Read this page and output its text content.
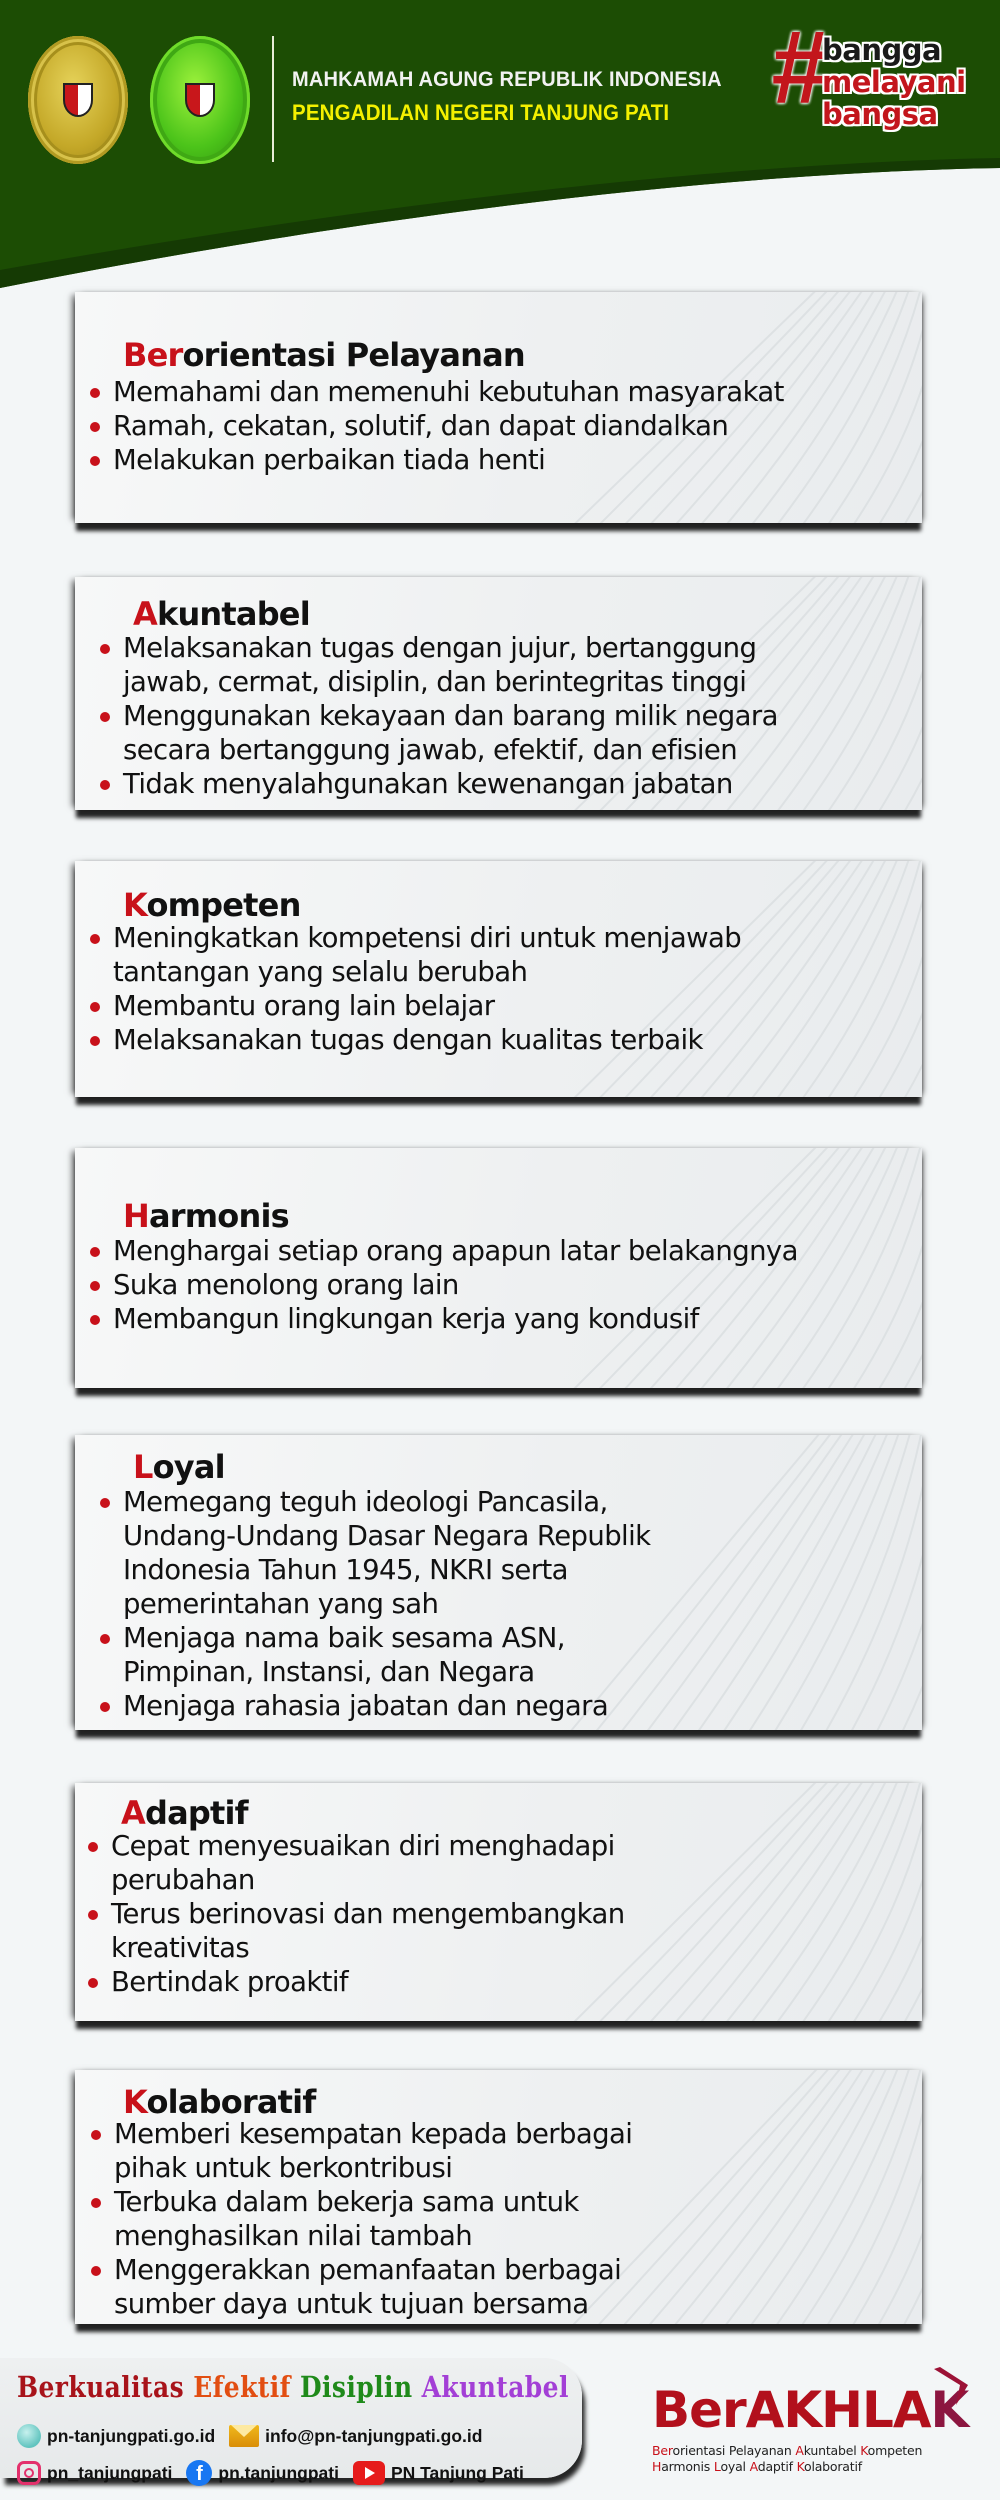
MAHKAMAH AGUNG REPUBLIK INDONESIA
PENGADILAN NEGERI TANJUNG PATI #
bangga
melayani
bangsa
Berorientasi Pelayanan
Memahami dan memenuhi kebutuhan masyarakat
Ramah, cekatan, solutif, dan dapat diandalkan
Melakukan perbaikan tiada henti
Akuntabel
Melaksanakan tugas dengan jujur, bertanggung
jawab, cermat, disiplin, dan berintegritas tinggi
Menggunakan kekayaan dan barang milik negara
secara bertanggung jawab, efektif, dan efisien
Tidak menyalahgunakan kewenangan jabatan
Kompeten
Meningkatkan kompetensi diri untuk menjawab
tantangan yang selalu berubah
Membantu orang lain belajar
Melaksanakan tugas dengan kualitas terbaik
Harmonis
Menghargai setiap orang apapun latar belakangnya
Suka menolong orang lain
Membangun lingkungan kerja yang kondusif
Loyal
Memegang teguh ideologi Pancasila,
Undang-Undang Dasar Negara Republik
Indonesia Tahun 1945, NKRI serta
pemerintahan yang sah
Menjaga nama baik sesama ASN,
Pimpinan, Instansi, dan Negara
Menjaga rahasia jabatan dan negara
Adaptif
Cepat menyesuaikan diri menghadapi
perubahan
Terus berinovasi dan mengembangkan
kreativitas
Bertindak proaktif
Kolaboratif
Memberi kesempatan kepada berbagai
pihak untuk berkontribusi
Terbuka dalam bekerja sama untuk
menghasilkan nilai tambah
Menggerakkan pemanfaatan berbagai
sumber daya untuk tujuan bersama
Berkualitas Efektif Disiplin Akuntabel
pn-tanjungpati.go.id	info@pn-tanjungpati.go.id
pn_tanjungpati	f pn.tanjungpati	PN Tanjung Pati
BerAKHLAK
Berorientasi Pelayanan Akuntabel Kompeten
Harmonis Loyal Adaptif Kolaboratif
